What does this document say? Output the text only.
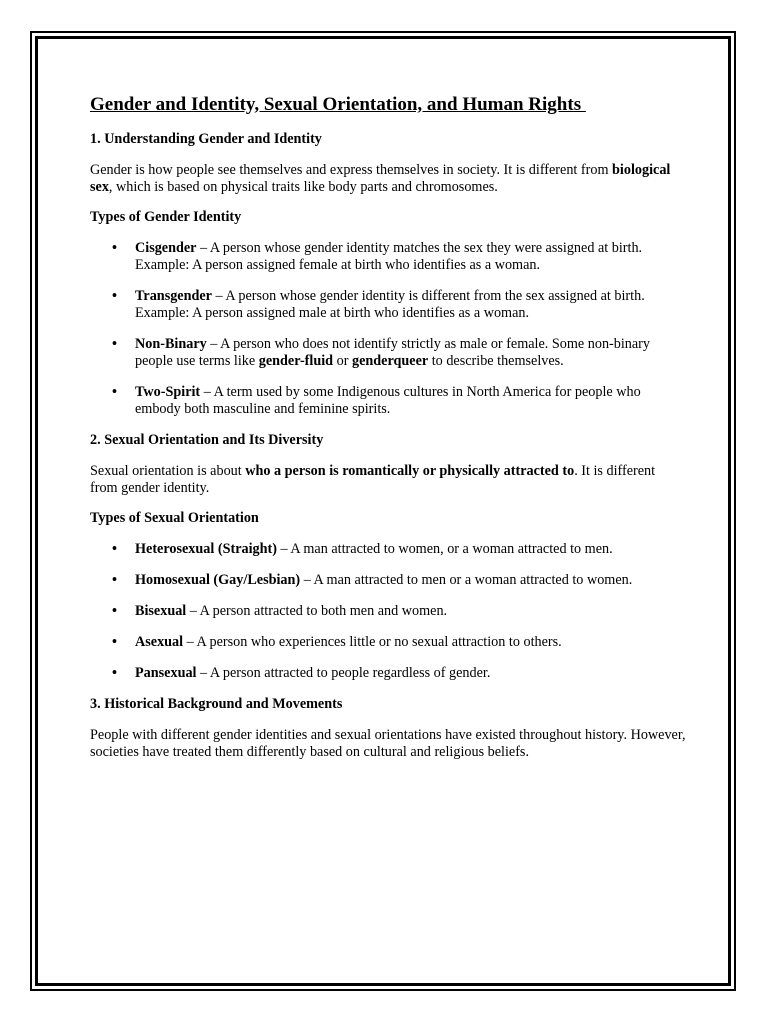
Gender and Identity, Sexual Orientation, and Human Rights
1. Understanding Gender and Identity

Gender is how people see themselves and express themselves in society. It is different from biological sex, which is based on physical traits like body parts and chromosomes.

Types of Gender Identity
• Cisgender – A person whose gender identity matches the sex they were assigned at birth. Example: A person assigned female at birth who identifies as a woman.
• Transgender – A person whose gender identity is different from the sex assigned at birth. Example: A person assigned male at birth who identifies as a woman.
• Non-Binary – A person who does not identify strictly as male or female. Some non-binary people use terms like gender-fluid or genderqueer to describe themselves.
• Two-Spirit – A term used by some Indigenous cultures in North America for people who embody both masculine and feminine spirits.
2. Sexual Orientation and Its Diversity

Sexual orientation is about who a person is romantically or physically attracted to. It is different from gender identity.

Types of Sexual Orientation
• Heterosexual (Straight) – A man attracted to women, or a woman attracted to men.
• Homosexual (Gay/Lesbian) – A man attracted to men or a woman attracted to women.
• Bisexual – A person attracted to both men and women.
• Asexual – A person who experiences little or no sexual attraction to others.
• Pansexual – A person attracted to people regardless of gender.
3. Historical Background and Movements

People with different gender identities and sexual orientations have existed throughout history. However, societies have treated them differently based on cultural and religious beliefs.
